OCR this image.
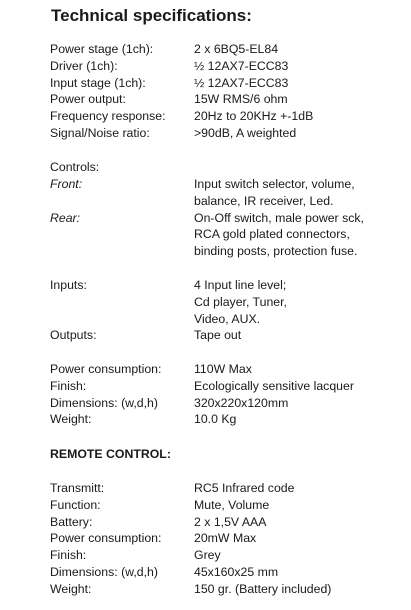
Technical specifications:
Power stage (1ch):	2 x 6BQ5-EL84
Driver (1ch):	½ 12AX7-ECC83
Input stage (1ch):	½ 12AX7-ECC83
Power output:	15W RMS/6 ohm
Frequency response:	20Hz to 20KHz +-1dB
Signal/Noise ratio:	>90dB, A weighted
Controls:
Front:	Input switch selector, volume,
balance, IR receiver, Led.
Rear:	On-Off switch, male power sck,
RCA gold plated connectors,
binding posts, protection fuse.
Inputs:	4 Input line level;
Cd player, Tuner,
Video, AUX.
Outputs:	Tape out
Power consumption:	110W Max
Finish:	Ecologically sensitive lacquer
Dimensions: (w,d,h)	320x220x120mm
Weight:	10.0 Kg
REMOTE CONTROL:
Transmitt:	RC5 Infrared code
Function:	Mute, Volume
Battery:	2 x 1,5V AAA
Power consumption:	20mW Max
Finish:	Grey
Dimensions: (w,d,h)	45x160x25 mm
Weight:	150 gr. (Battery included)
